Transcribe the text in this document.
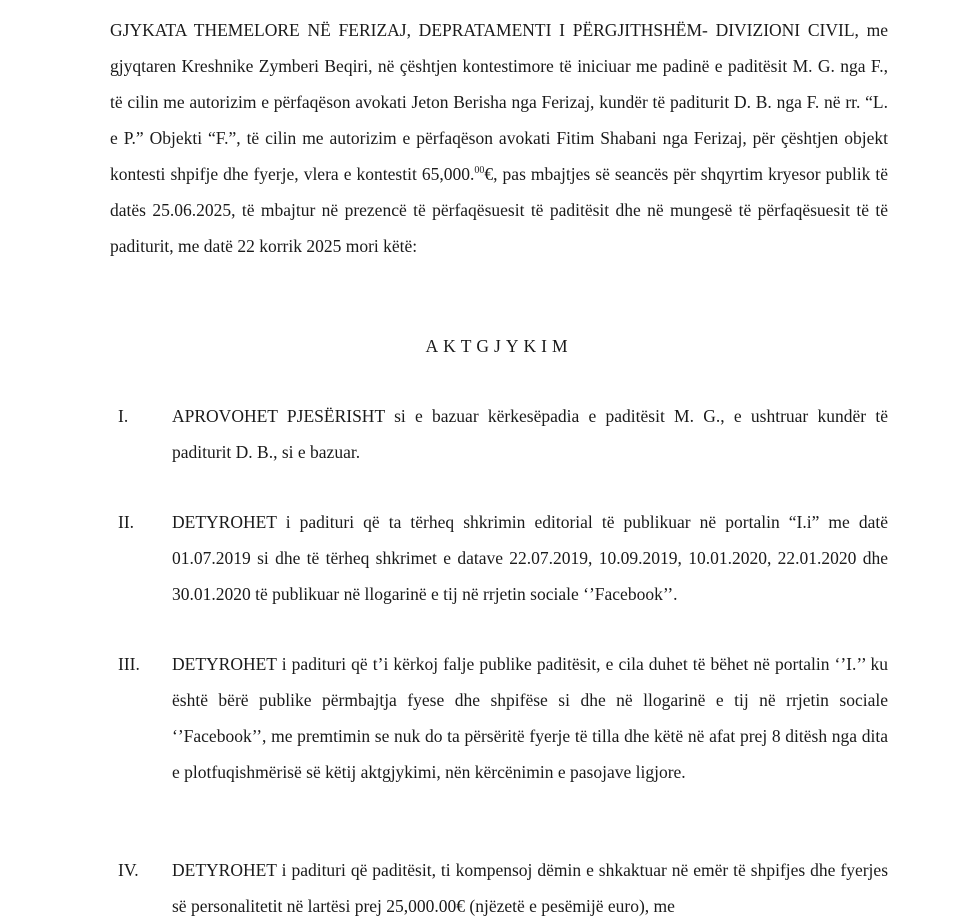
GJYKATA THEMELORE NË FERIZAJ, DEPRATAMENTI I PËRGJITHSHËM- DIVIZIONI CIVIL, me gjyqtaren Kreshnike Zymberi Beqiri, në çështjen kontestimore të iniciuar me padinë e paditësit M. G. nga F., të cilin me autorizim e përfaqëson avokati Jeton Berisha nga Ferizaj, kundër të paditurit D. B. nga F. në rr. “L. e P.” Objekti “F.”, të cilin me autorizim e përfaqëson avokati Fitim Shabani nga Ferizaj, për çështjen objekt kontesti shpifje dhe fyerje, vlera e kontestit 65,000.00€, pas mbajtjes së seancës për shqyrtim kryesor publik të datës 25.06.2025, të mbajtur në prezencë të përfaqësuesit të paditësit dhe në mungesë të përfaqësuesit të të paditurit, me datë 22 korrik 2025 mori këtë:

AKTGJYKIM
I.	APROVOHET PJESËRISHT si e bazuar kërkesëpadia e paditësit M. G., e ushtruar kundër të paditurit D. B., si e bazuar.
II. DETYROHET i padituri që ta tërheq shkrimin editorial të publikuar në portalin “I.i” me datë 01.07.2019 si dhe të tërheq shkrimet e datave 22.07.2019, 10.09.2019, 10.01.2020, 22.01.2020 dhe 30.01.2020 të publikuar në llogarinë e tij në rrjetin sociale ‘’Facebook’’.
III. DETYROHET i padituri që t’i kërkoj falje publike paditësit, e cila duhet të bëhet në portalin ‘’I.’’ ku është bërë publike përmbajtja fyese dhe shpifëse si dhe në llogarinë e tij në rrjetin sociale ‘’Facebook’’, me premtimin se nuk do ta përsëritë fyerje të tilla dhe këtë në afat prej 8 ditësh nga dita e plotfuqishmërisë së këtij aktgjykimi, nën kërcënimin e pasojave ligjore.
IV. DETYROHET i padituri që paditësit, ti kompensoj dëmin e shkaktuar në emër të shpifjes dhe fyerjes së personalitetit në lartësi prej 25,000.00€ (njëzetë e pesëmijë euro), me
